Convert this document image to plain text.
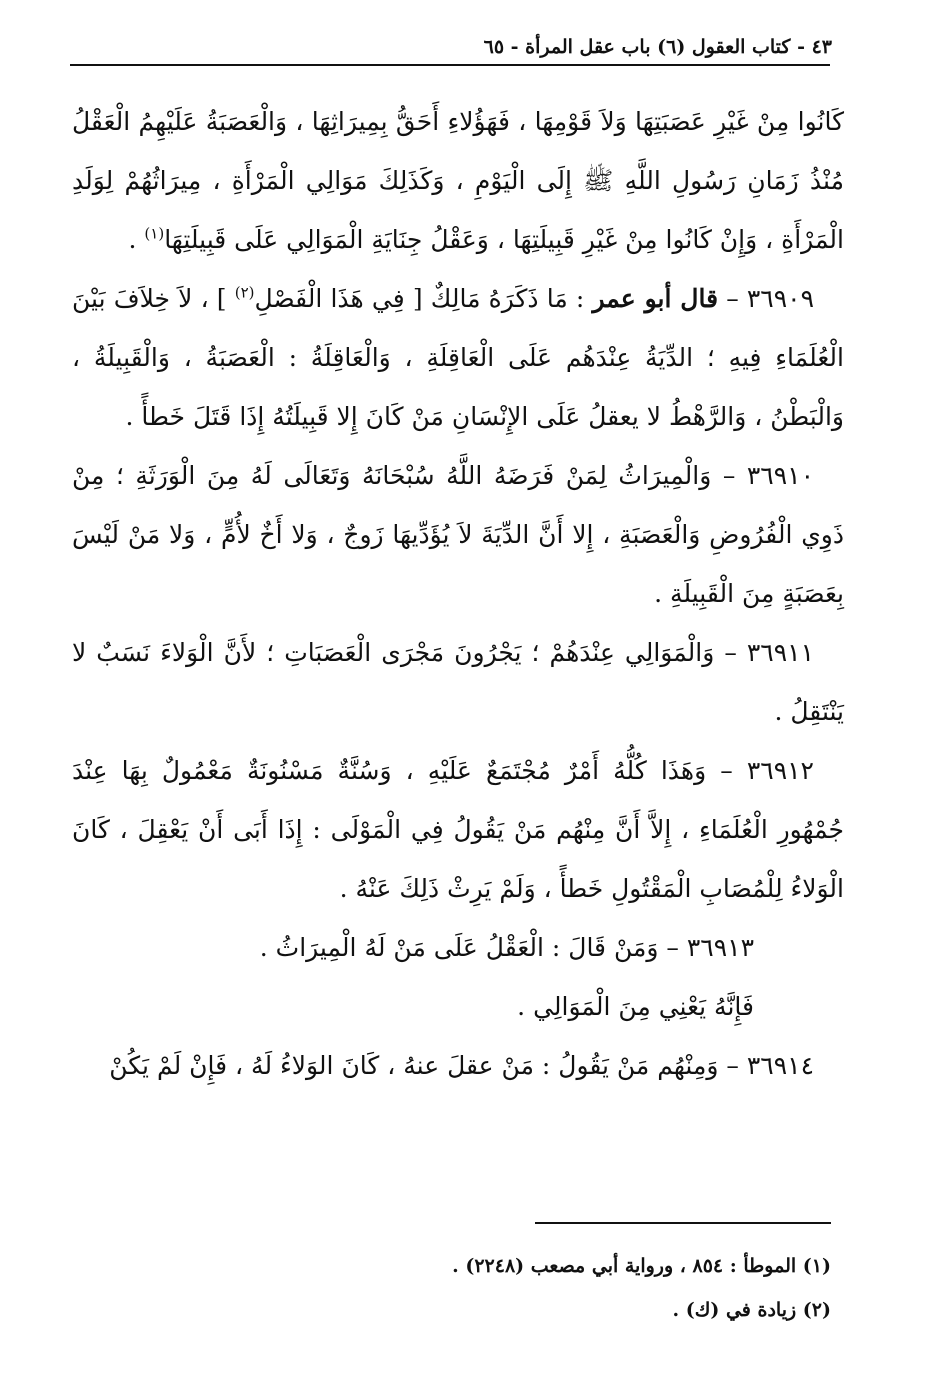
٤٣ - كتاب العقول (٦) باب عقل المرأة - ٦٥

كَانُوا مِنْ غَيْرِ عَصَبَتِهَا وَلاَ قَوْمِهَا ، فَهَؤُلاءِ أَحَقُّ بِمِيرَاثِهَا ، وَالْعَصَبَةُ عَلَيْهِمُ الْعَقْلُ مُنْذُ زَمَانِ رَسُولِ اللَّهِ ﷺ إِلَى الْيَوْمِ ، وَكَذَلِكَ مَوَالِي الْمَرْأَةِ ، مِيرَاثُهُمْ لِوَلَدِ الْمَرْأَةِ ، وَإِنْ كَانُوا مِنْ غَيْرِ قَبِيلَتِهَا ، وَعَقْلُ جِنَايَةِ الْمَوَالِي عَلَى قَبِيلَتِهَا$^{(١)}$ .

٣٦٩٠٩ – قال أبو عمر : مَا ذَكَرَهُ مَالِكٌ [ فِي هَذَا الْفَصْلِ$^{(٢)}$ ] ، لاَ خِلاَفَ بَيْنَ الْعُلَمَاءِ فِيهِ ؛ الدِّيَةُ عِنْدَهُم عَلَى الْعَاقِلَةِ ، وَالْعَاقِلَةُ : الْعَصَبَةُ ، وَالْقَبِيلَةُ ، وَالْبَطْنُ ، وَالرَّهْطُ لا يعقلُ عَلَى الإِنْسَانِ مَنْ كَانَ إِلا قَبِيلَتُهُ إِذَا قَتَلَ خَطأً .

٣٦٩١٠ – وَالْمِيرَاثُ لِمَنْ فَرَضَهُ اللَّهُ سُبْحَانَهُ وَتَعَالَى لَهُ مِنَ الْوَرَثَةِ ؛ مِنْ ذَوِي الْفُرُوضِ وَالْعَصَبَةِ ، إِلا أَنَّ الدِّيَةَ لاَ يُؤَدِّيهَا زَوجٌ ، وَلا أَخٌ لأُمٍّ ، وَلا مَنْ لَيْسَ بِعَصَبَةٍ مِنَ الْقَبِيلَةِ .

٣٦٩١١ – وَالْمَوَالِي عِنْدَهُمْ ؛ يَجْرُونَ مَجْرَى الْعَصَبَاتِ ؛ لأَنَّ الْوَلاءَ نَسَبٌ لا يَنْتَقِلُ .

٣٦٩١٢ – وَهَذَا كُلُّهُ أَمْرٌ مُجْتَمَعٌ عَلَيْهِ ، وَسُنَّةٌ مَسْنُونَةٌ مَعْمُولٌ بِهَا عِنْدَ جُمْهُورِ الْعُلَمَاءِ ، إِلاَّ أَنَّ مِنْهُم مَنْ يَقُولُ فِي الْمَوْلَى : إِذَا أَبَى أَنْ يَعْقِلَ ، كَانَ الْوَلاءُ لِلْمُصَابِ الْمَقْتُولِ خَطأً ، وَلَمْ يَرِثْ ذَلِكَ عَنْهُ .

٣٦٩١٣ – وَمَنْ قَالَ : الْعَقْلُ عَلَى مَنْ لَهُ الْمِيرَاثُ .

فَإِنَّهُ يَعْنِي مِنَ الْمَوَالِي .

٣٦٩١٤ – وَمِنْهُم مَنْ يَقُولُ : مَنْ عقلَ عنهُ ، كَانَ الوَلاءُ لَهُ ، فَإِنْ لَمْ يَكُنْ

(١) الموطأ : ٨٥٤ ، ورواية أبي مصعب (٢٢٤٨) .

(٢) زيادة في (ك) .
